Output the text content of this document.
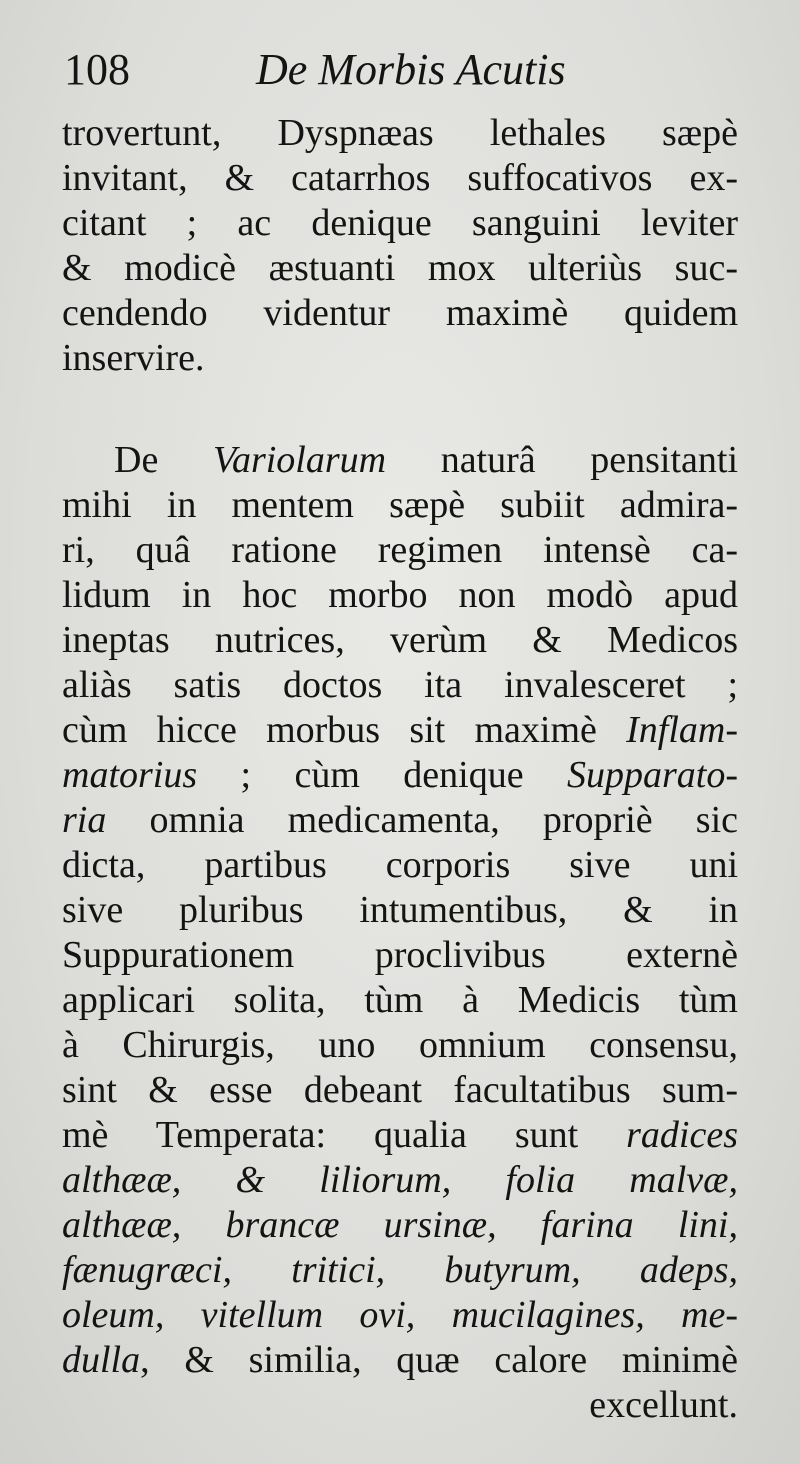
108	De Morbis Acutis
trovertunt, Dyspnæas lethales sæpè
invitant, & catarrhos suffocativos ex-
citant ; ac denique sanguini leviter
& modicè æstuanti mox ulteriùs suc-
cendendo videntur maximè quidem
inservire.
De Variolarum naturâ pensitanti
mihi in mentem sæpè subiit admira-
ri, quâ ratione regimen intensè ca-
lidum in hoc morbo non modò apud
ineptas nutrices, verùm & Medicos
aliàs satis doctos ita invalesceret ;
cùm hicce morbus sit maximè Inflam-
matorius ; cùm denique Supparato-
ria omnia medicamenta, propriè sic
dicta, partibus corporis sive uni
sive pluribus intumentibus, & in
Suppurationem proclivibus externè
applicari solita, tùm à Medicis tùm
à Chirurgis, uno omnium consensu,
sint & esse debeant facultatibus sum-
mè Temperata: qualia sunt radices
althææ, & liliorum, folia malvæ,
althææ, brancæ ursinæ, farina lini,
fænugræci, tritici, butyrum, adeps,
oleum, vitellum ovi, mucilagines, me-
dulla, & similia, quæ calore minimè
excellunt.
